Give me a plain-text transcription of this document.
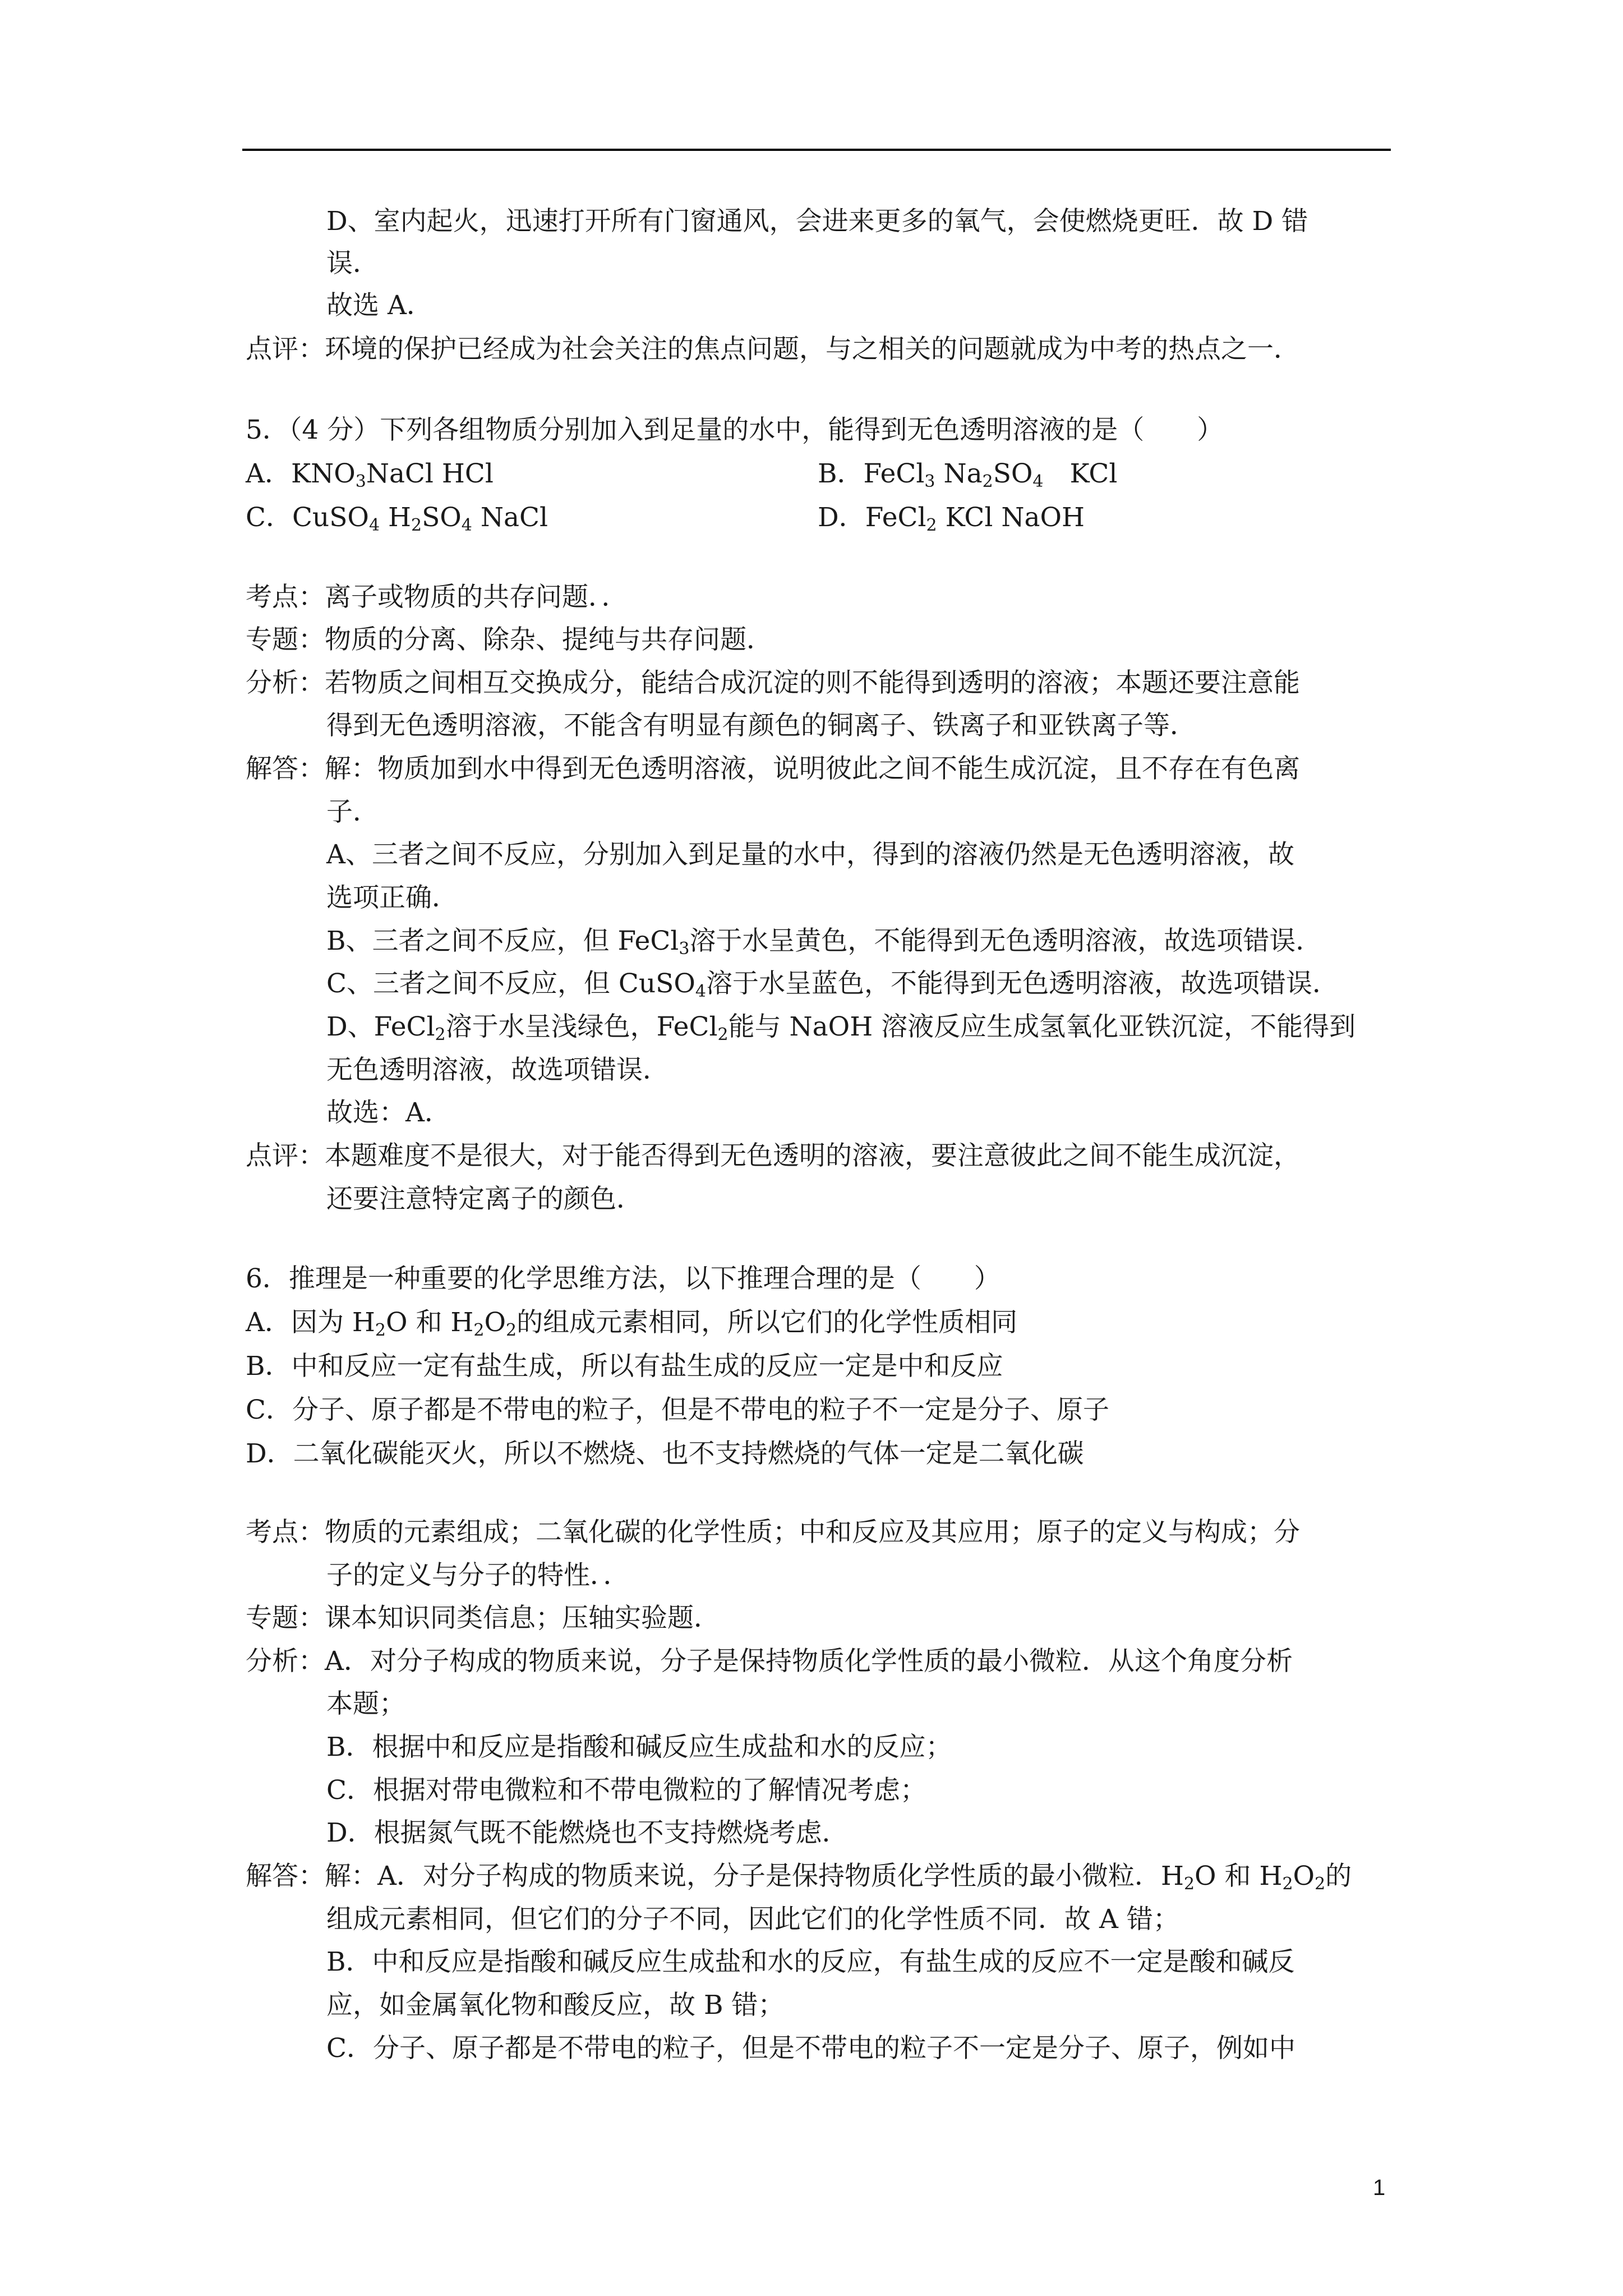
D、室内起火，迅速打开所有门窗通风，会进来更多的氧气，会使燃烧更旺．故 D 错
误．
故选 A．
点评：环境的保护已经成为社会关注的焦点问题，与之相关的问题就成为中考的热点之一．
5．（4 分）下列各组物质分别加入到足量的水中，能得到无色透明溶液的是（　　）
A．$KNO_3NaCl$ HCl	B．FeCl$_3$ $Na_2SO_4$　KCl
C．CuSO$_4$ $H_2SO_4$ NaCl	D．FeCl$_2$ KCl NaOH
考点：离子或物质的共存问题．．
专题：物质的分离、除杂、提纯与共存问题．
分析：若物质之间相互交换成分，能结合成沉淀的则不能得到透明的溶液；本题还要注意能
得到无色透明溶液，不能含有明显有颜色的铜离子、铁离子和亚铁离子等．
解答：解：物质加到水中得到无色透明溶液，说明彼此之间不能生成沉淀，且不存在有色离
子．
A、三者之间不反应，分别加入到足量的水中，得到的溶液仍然是无色透明溶液，故
选项正确．
B、三者之间不反应，但 FeCl$_3$溶于水呈黄色，不能得到无色透明溶液，故选项错误．
C、三者之间不反应，但 CuSO$_4$溶于水呈蓝色，不能得到无色透明溶液，故选项错误．
D、FeCl$_2$溶于水呈浅绿色，FeCl$_2$能与 NaOH 溶液反应生成氢氧化亚铁沉淀，不能得到
无色透明溶液，故选项错误．
故选：A．
点评：本题难度不是很大，对于能否得到无色透明的溶液，要注意彼此之间不能生成沉淀，
还要注意特定离子的颜色．
6．推理是一种重要的化学思维方法，以下推理合理的是（　　）
A．因为 $H_2O$ 和 $H_2O_2$的组成元素相同，所以它们的化学性质相同
B．中和反应一定有盐生成，所以有盐生成的反应一定是中和反应
C．分子、原子都是不带电的粒子，但是不带电的粒子不一定是分子、原子
D．二氧化碳能灭火，所以不燃烧、也不支持燃烧的气体一定是二氧化碳
考点：物质的元素组成；二氧化碳的化学性质；中和反应及其应用；原子的定义与构成；分
子的定义与分子的特性．．
专题：课本知识同类信息；压轴实验题．
分析：A．对分子构成的物质来说，分子是保持物质化学性质的最小微粒．从这个角度分析
本题；
B．根据中和反应是指酸和碱反应生成盐和水的反应；
C．根据对带电微粒和不带电微粒的了解情况考虑；
D．根据氮气既不能燃烧也不支持燃烧考虑．
解答：解：A．对分子构成的物质来说，分子是保持物质化学性质的最小微粒．$H_2O$ 和 $H_2O_2$的
组成元素相同，但它们的分子不同，因此它们的化学性质不同．故 A 错；
B．中和反应是指酸和碱反应生成盐和水的反应，有盐生成的反应不一定是酸和碱反
应，如金属氧化物和酸反应，故 B 错；
C．分子、原子都是不带电的粒子，但是不带电的粒子不一定是分子、原子，例如中
1
